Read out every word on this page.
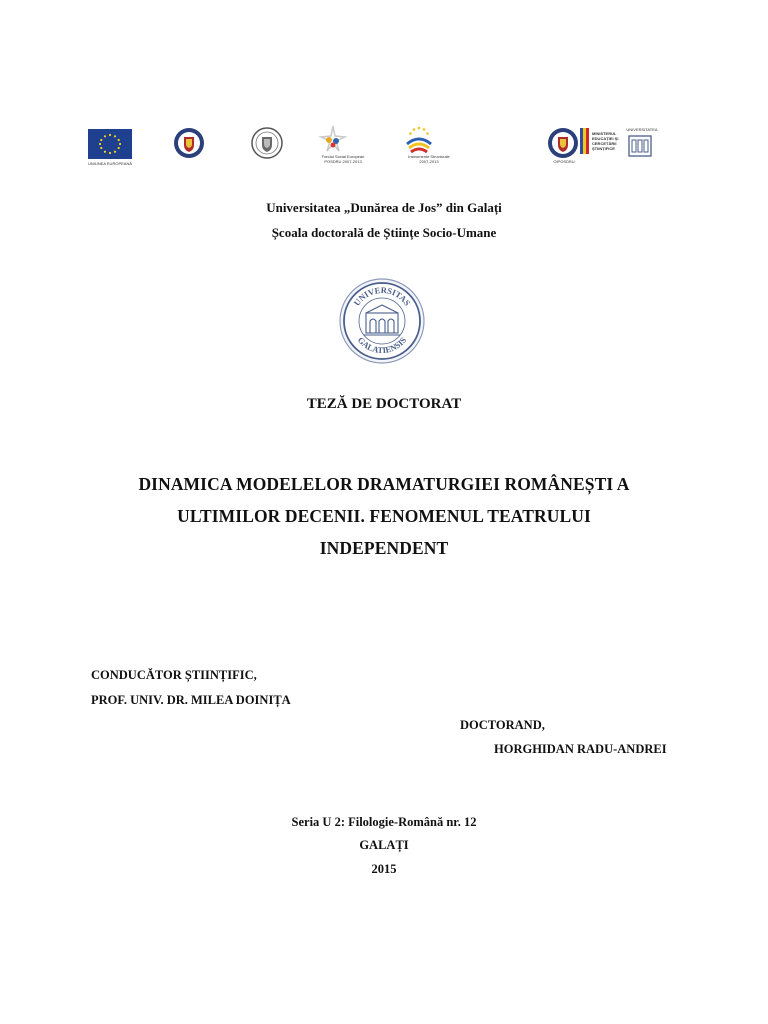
UNIUNEA EUROPEANĂ
Fondul Social European
POSDRU 2007-2013
Instrumente Structurale
2007-2013	OIPOSDRU
MINISTERUL
EDUCAȚIEI ȘI
CERCETĂRII
ȘTIINȚIFICE
UNIVERSITATEA
Universitatea „Dunărea de Jos” din Galați
Școala doctorală de Științe Socio-Umane
UNIVERSITAS
GALATIENSIS
TEZĂ DE DOCTORAT
DINAMICA MODELELOR DRAMATURGIEI ROMÂNEȘTI A
ULTIMILOR DECENII. FENOMENUL TEATRULUI
INDEPENDENT
CONDUCĂTOR ȘTIINȚIFIC,
PROF. UNIV. DR. MILEA DOINIȚA
DOCTORAND,
HORGHIDAN RADU-ANDREI
Seria U 2: Filologie-Română nr. 12
GALAȚI
2015
